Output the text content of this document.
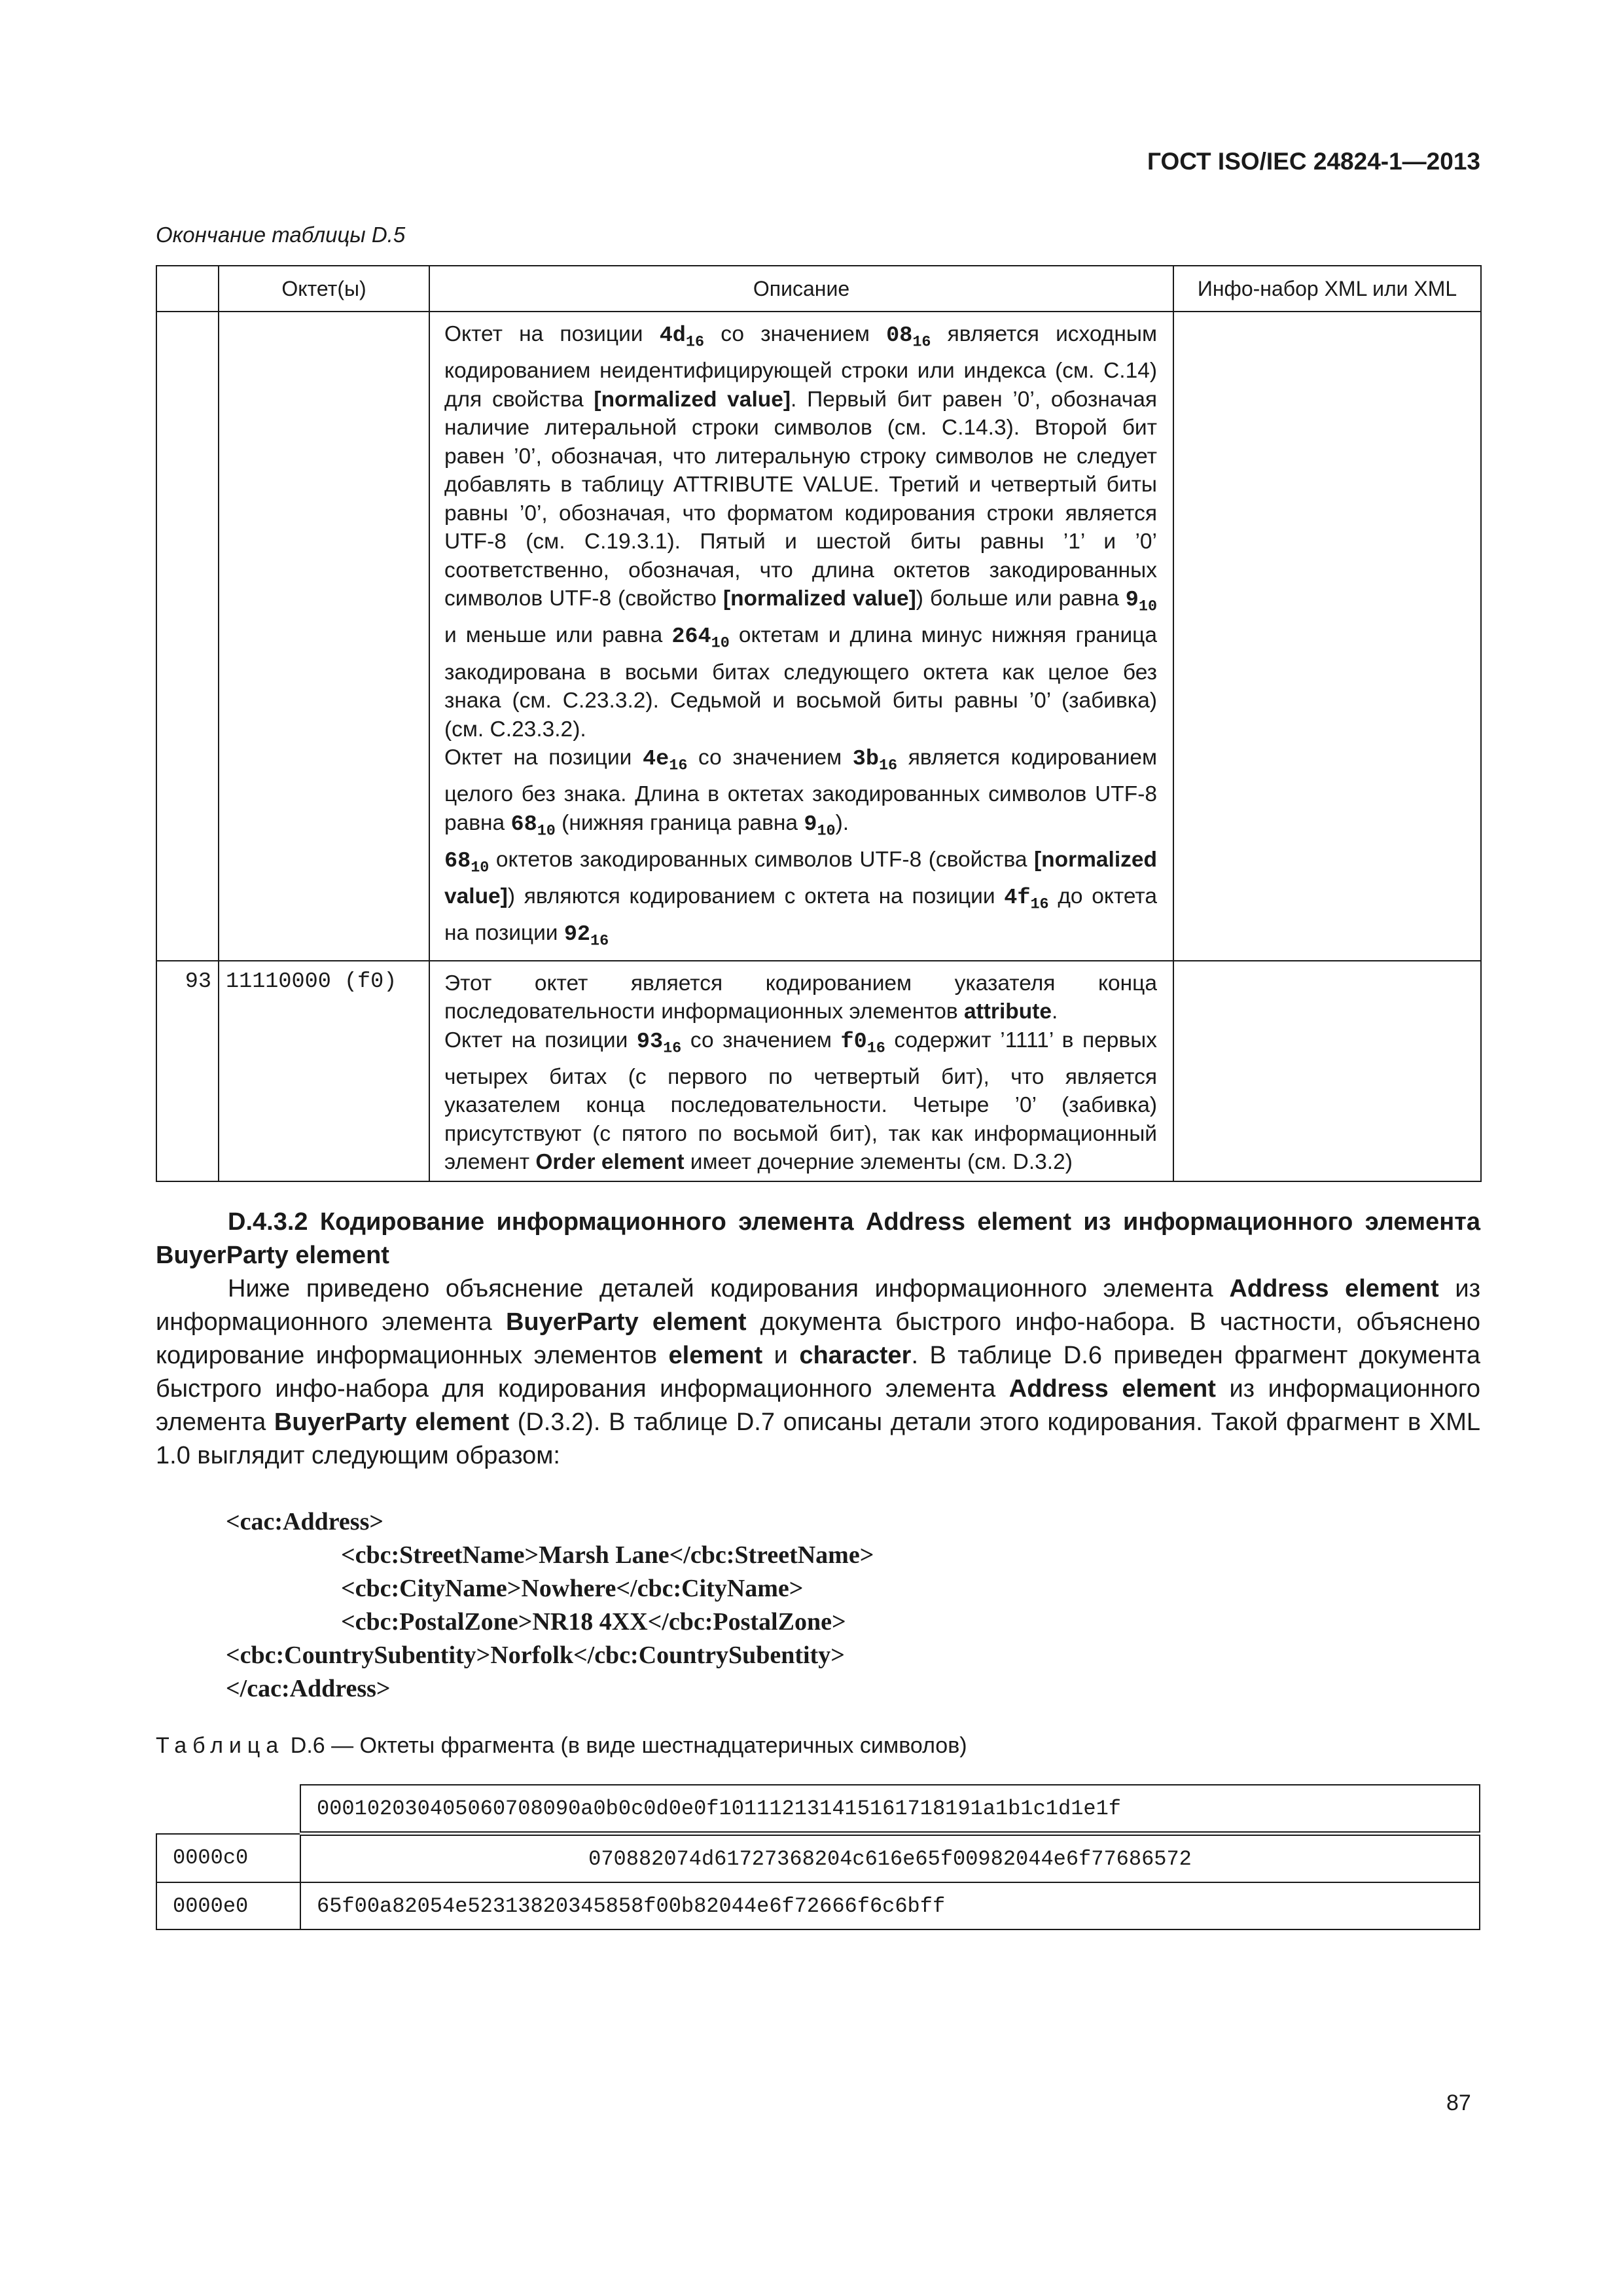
ГОСТ ISO/IEC 24824-1—2013
Окончание таблицы D.5
	Октет(ы)	Описание	Инфо-набор XML или XML

		Октет на позиции $4d_{16}$ со значением $08_{16}$ является исходным кодированием неидентифицирующей строки или индекса (см. С.14) для свойства [normalized value]. Первый бит равен ’0’, обозначая наличие литеральной строки символов (см. С.14.3). Второй бит равен ’0’, обозначая, что литеральную строку символов не следует добавлять в таблицу ATTRIBUTE VALUE. Третий и четвертый биты равны ’0’, обозначая, что форматом кодирования строки является UTF-8 (см. С.19.3.1). Пятый и шестой биты равны ’1’ и ’0’ соответственно, обозначая, что длина октетов закодированных символов UTF-8 (свойство [normalized value]) больше или равна $9_{10}$ и меньше или равна $264_{10}$ октетам и длина минус нижняя граница закодирована в восьми битах следующего октета как целое без знака (см. С.23.3.2). Седьмой и восьмой биты равны ’0’ (забивка) (см. С.23.3.2).

Октет на позиции $4e_{16}$ со значением $3b_{16}$ является кодированием целого без знака. Длина в октетах закодированных символов UTF-8 равна $68_{10}$ (нижняя граница равна $9_{10}$).

$68_{10}$ октетов закодированных символов UTF-8 (свойства [normalized value]) являются кодированием с октета на позиции $4f_{16}$ до октета на позиции $92_{16}$

93	11110000 (f0)	Этот октет является кодированием указателя конца последовательности информационных элементов attribute.

Октет на позиции $93_{16}$ со значением $f0_{16}$ содержит ’1111’ в первых четырех битах (с первого по четвертый бит), что является указателем конца последовательности. Четыре ’0’ (забивка) присутствуют (с пятого по восьмой бит), так как информационный элемент Order element имеет дочерние элементы (см. D.3.2)	

D.4.3.2 Кодирование информационного элемента Address element из информационного элемента BuyerParty element

Ниже приведено объяснение деталей кодирования информационного элемента Address element из информационного элемента BuyerParty element документа быстрого инфо-набора. В частности, объяснено кодирование информационных элементов element и character. В таблице D.6 приведен фрагмент документа быстрого инфо-набора для кодирования информационного элемента Address element из информационного элемента BuyerParty element (D.3.2). В таблице D.7 описаны детали этого кодирования. Такой фрагмент в XML 1.0 выглядит следующим образом:

<cac:Address>
<cbc:StreetName>Marsh Lane</cbc:StreetName>
<cbc:CityName>Nowhere</cbc:CityName>
<cbc:PostalZone>NR18 4XX</cbc:PostalZone>
<cbc:CountrySubentity>Norfolk</cbc:CountrySubentity>
</cac:Address>
Таблица D.6 — Октеты фрагмента (в виде шестнадцатеричных символов)
	000102030405060708090a0b0c0d0e0f101112131415161718191a1b1c1d1e1f
0000c0	070882074d61727368204c616e65f00982044e6f77686572
0000e0	65f00a82054e52313820345858f00b82044e6f72666f6c6bff
87
